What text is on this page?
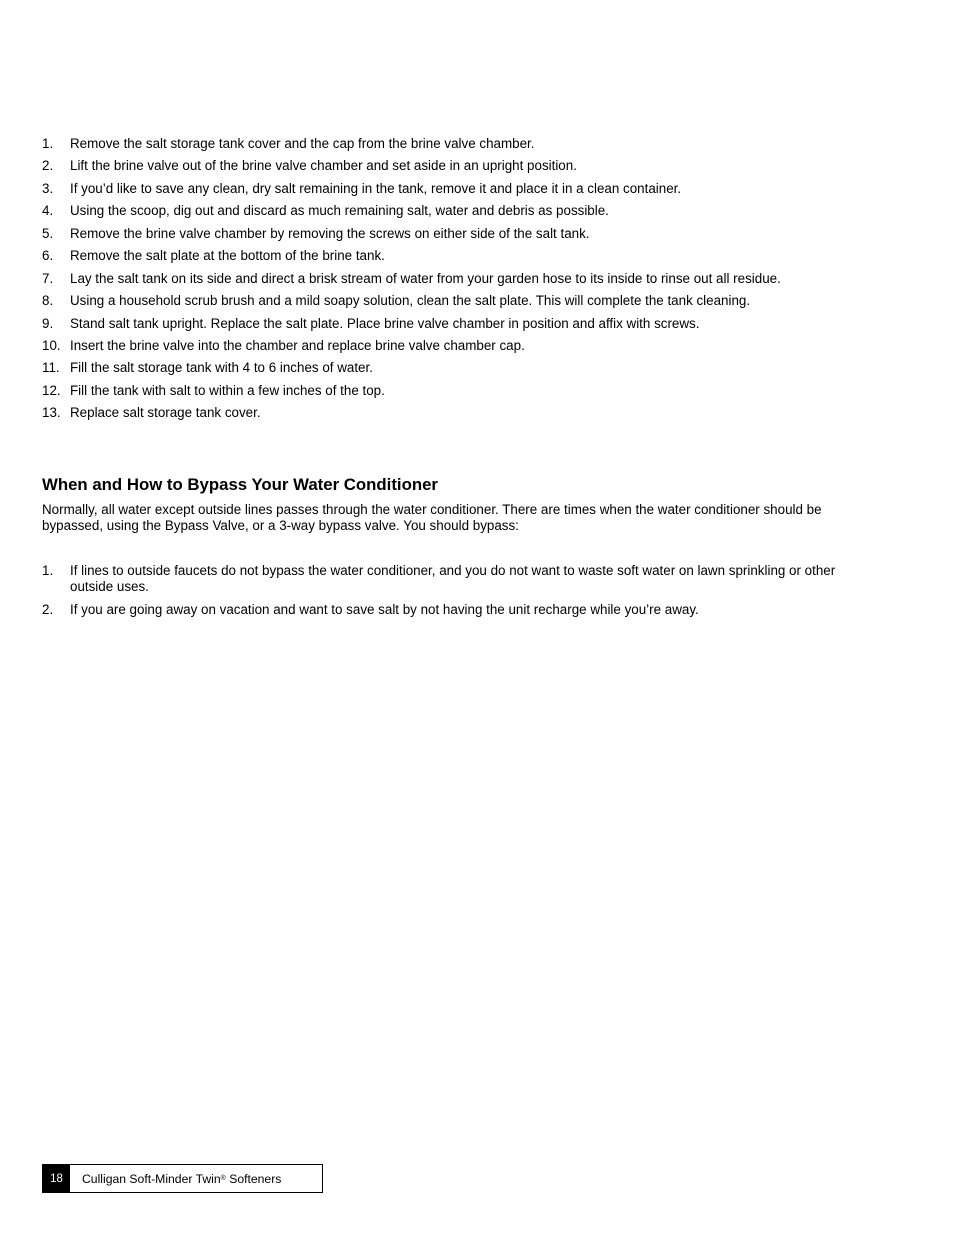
1.	Remove the salt storage tank cover and the cap from the brine valve chamber.
2.	Lift the brine valve out of the brine valve chamber and set aside in an upright position.
3.	If you’d like to save any clean, dry salt remaining in the tank, remove it and place it in a clean container.
4.	Using the scoop, dig out and discard as much remaining salt, water and debris as possible.
5.	Remove the brine valve chamber by removing the screws on either side of the salt tank.
6.	Remove the salt plate at the bottom of the brine tank.
7.	Lay the salt tank on its side and direct a brisk stream of water from your garden hose to its inside to rinse out all residue.
8.	Using a household scrub brush and a mild soapy solution, clean the salt plate. This will complete the tank cleaning.
9.	Stand salt tank upright. Replace the salt plate. Place brine valve chamber in position and affix with screws.
10. Insert the brine valve into the chamber and replace brine valve chamber cap.
11. Fill the salt storage tank with 4 to 6 inches of water.
12. Fill the tank with salt to within a few inches of the top.
13. Replace salt storage tank cover.
When and How to Bypass Your Water Conditioner

Normally, all water except outside lines passes through the water conditioner. There are times when the water conditioner should be bypassed, using the Bypass Valve, or a 3-way bypass valve. You should bypass:

1.	If lines to outside faucets do not bypass the water conditioner, and you do not want to waste soft water on lawn sprinkling or other outside uses.
2.	If you are going away on vacation and want to save salt by not having the unit recharge while you’re away.
18	Culligan Soft-Minder Twin ® Softeners
